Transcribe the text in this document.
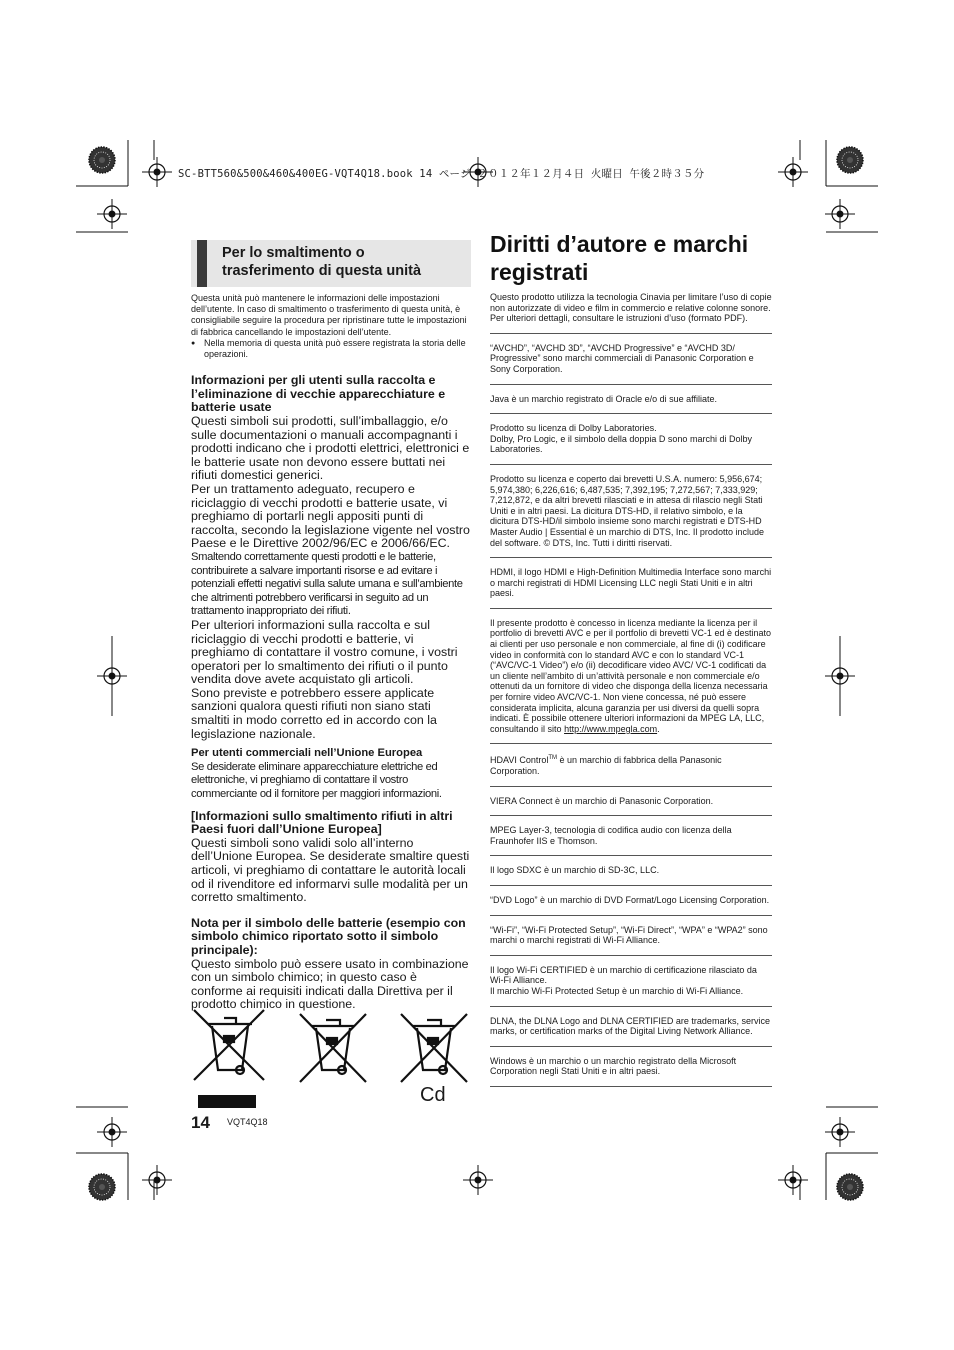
SC-BTT560&500&460&400EG-VQT4Q18.book 14 ページ ２０１２年１２月４日 火曜日 午後２時３５分
Per lo smaltimento o
trasferimento di questa unità
Questa unità può mantenere le informazioni delle impostazioni dell’utente. In caso di smaltimento o trasferimento di questa unità, è consigliabile seguire la procedura per ripristinare tutte le impostazioni di fabbrica cancellando le impostazioni dell’utente.
● Nella memoria di questa unità può essere registrata la storia delle operazioni.
Informazioni per gli utenti sulla raccolta e l’eliminazione di vecchie apparecchiature e batterie usate
Questi simboli sui prodotti, sull’imballaggio, e/o sulle documentazioni o manuali accompagnanti i prodotti indicano che i prodotti elettrici, elettronici e le batterie usate non devono essere buttati nei rifiuti domestici generici.
Per un trattamento adeguato, recupero e riciclaggio di vecchi prodotti e batterie usate, vi preghiamo di portarli negli appositi punti di raccolta, secondo la legislazione vigente nel vostro Paese e le Direttive 2002/96/EC e 2006/66/EC.
Smaltendo correttamente questi prodotti e le batterie, contribuirete a salvare importanti risorse e ad evitare i potenziali effetti negativi sulla salute umana e sull’ambiente che altrimenti potrebbero verificarsi in seguito ad un trattamento inappropriato dei rifiuti.
Per ulteriori informazioni sulla raccolta e sul riciclaggio di vecchi prodotti e batterie, vi preghiamo di contattare il vostro comune, i vostri operatori per lo smaltimento dei rifiuti o il punto vendita dove avete acquistato gli articoli.
Sono previste e potrebbero essere applicate sanzioni qualora questi rifiuti non siano stati smaltiti in modo corretto ed in accordo con la legislazione nazionale.
Per utenti commerciali nell’Unione Europea
Se desiderate eliminare apparecchiature elettriche ed elettroniche, vi preghiamo di contattare il vostro commerciante od il fornitore per maggiori informazioni.
[Informazioni sullo smaltimento rifiuti in altri Paesi fuori dall’Unione Europea]
Questi simboli sono validi solo all’interno dell’Unione Europea. Se desiderate smaltire questi articoli, vi preghiamo di contattare le autorità locali od il rivenditore ed informarvi sulle modalità per un corretto smaltimento.
Nota per il simbolo delle batterie (esempio con simbolo chimico riportato sotto il simbolo principale):
Questo simbolo può essere usato in combinazione con un simbolo chimico; in questo caso è conforme ai requisiti indicati dalla Direttiva per il prodotto chimico in questione.
Cd
Diritti d’autore e marchi
registrati
Questo prodotto utilizza la tecnologia Cinavia per limitare l’uso di copie non autorizzate di video e film in commercio e relative colonne sonore. Per ulteriori dettagli, consultare le istruzioni d’uso (formato PDF).
“AVCHD”, “AVCHD 3D”, “AVCHD Progressive” e “AVCHD 3D/ Progressive” sono marchi commerciali di Panasonic Corporation e Sony Corporation.
Java è un marchio registrato di Oracle e/o di sue affiliate.
Prodotto su licenza di Dolby Laboratories.
Dolby, Pro Logic, e il simbolo della doppia D sono marchi di Dolby Laboratories.
Prodotto su licenza e coperto dai brevetti U.S.A. numero: 5,956,674; 5,974,380; 6,226,616; 6,487,535; 7,392,195; 7,272,567; 7,333,929; 7,212,872, e da altri brevetti rilasciati e in attesa di rilascio negli Stati Uniti e in altri paesi. La dicitura DTS-HD, il relativo simbolo, e la dicitura DTS-HD/il simbolo insieme sono marchi registrati e DTS-HD Master Audio | Essential è un marchio di DTS, Inc. Il prodotto include del software. © DTS, Inc. Tutti i diritti riservati.
HDMI, il logo HDMI e High-Definition Multimedia Interface sono marchi o marchi registrati di HDMI Licensing LLC negli Stati Uniti e in altri paesi.
Il presente prodotto è concesso in licenza mediante la licenza per il portfolio di brevetti AVC e per il portfolio di brevetti VC-1 ed è destinato ai clienti per uso personale e non commerciale, al fine di (i) codificare video in conformità con lo standard AVC e con lo standard VC-1 (“AVC/VC-1 Video”) e/o (ii) decodificare video AVC/ VC-1 codificati da un cliente nell’ambito di un’attività personale e non commerciale e/o ottenuti da un fornitore di video che disponga della licenza necessaria per fornire video AVC/VC-1. Non viene concessa, né può essere considerata implicita, alcuna garanzia per usi diversi da quelli sopra indicati. È possibile ottenere ulteriori informazioni da MPEG LA, LLC, consultando il sito http://www.mpegla.com.
HDAVI Control™ è un marchio di fabbrica della Panasonic Corporation.
VIERA Connect è un marchio di Panasonic Corporation.
MPEG Layer-3, tecnologia di codifica audio con licenza della Fraunhofer IIS e Thomson.
Il logo SDXC è un marchio di SD-3C, LLC.
“DVD Logo” è un marchio di DVD Format/Logo Licensing Corporation.
“Wi-Fi”, “Wi-Fi Protected Setup”, “Wi-Fi Direct”, “WPA” e “WPA2” sono marchi o marchi registrati di Wi-Fi Alliance.
Il logo Wi-Fi CERTIFIED è un marchio di certificazione rilasciato da Wi-Fi Alliance.
Il marchio Wi-Fi Protected Setup è un marchio di Wi-Fi Alliance.
DLNA, the DLNA Logo and DLNA CERTIFIED are trademarks, service marks, or certification marks of the Digital Living Network Alliance.
Windows è un marchio o un marchio registrato della Microsoft Corporation negli Stati Uniti e in altri paesi.
14 VQT4Q18
